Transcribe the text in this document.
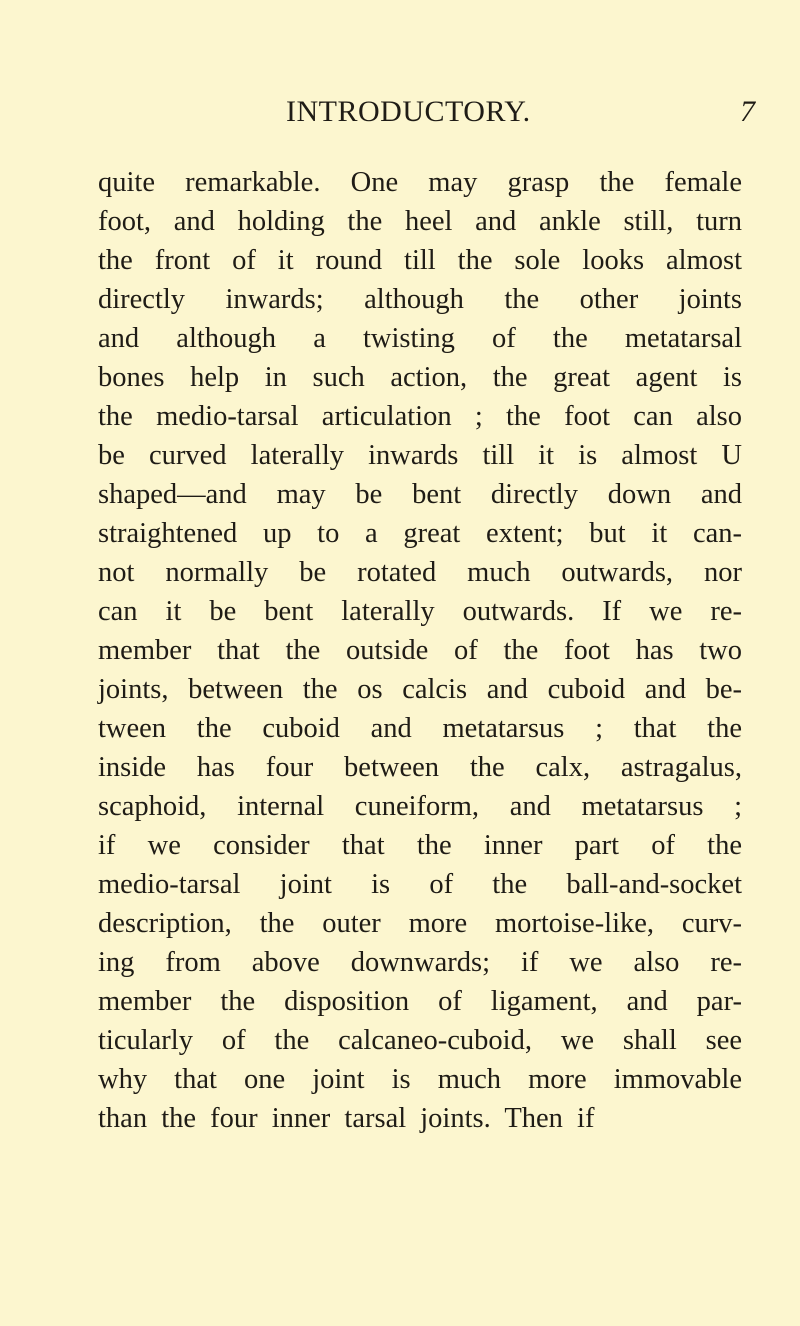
INTRODUCTORY.	7
quite remarkable. One may grasp the female
foot, and holding the heel and ankle still, turn
the front of it round till the sole looks almost
directly inwards; although the other joints
and although a twisting of the metatarsal
bones help in such action, the great agent is
the medio-tarsal articulation ; the foot can also
be curved laterally inwards till it is almost U
shaped—and may be bent directly down and
straightened up to a great extent; but it can-
not normally be rotated much outwards, nor
can it be bent laterally outwards. If we re-
member that the outside of the foot has two
joints, between the os calcis and cuboid and be-
tween the cuboid and metatarsus ; that the
inside has four between the calx, astragalus,
scaphoid, internal cuneiform, and metatarsus ;
if we consider that the inner part of the
medio-tarsal joint is of the ball-and-socket
description, the outer more mortoise-like, curv-
ing from above downwards; if we also re-
member the disposition of ligament, and par-
ticularly of the calcaneo-cuboid, we shall see
why that one joint is much more immovable
than the four inner tarsal joints. Then if
